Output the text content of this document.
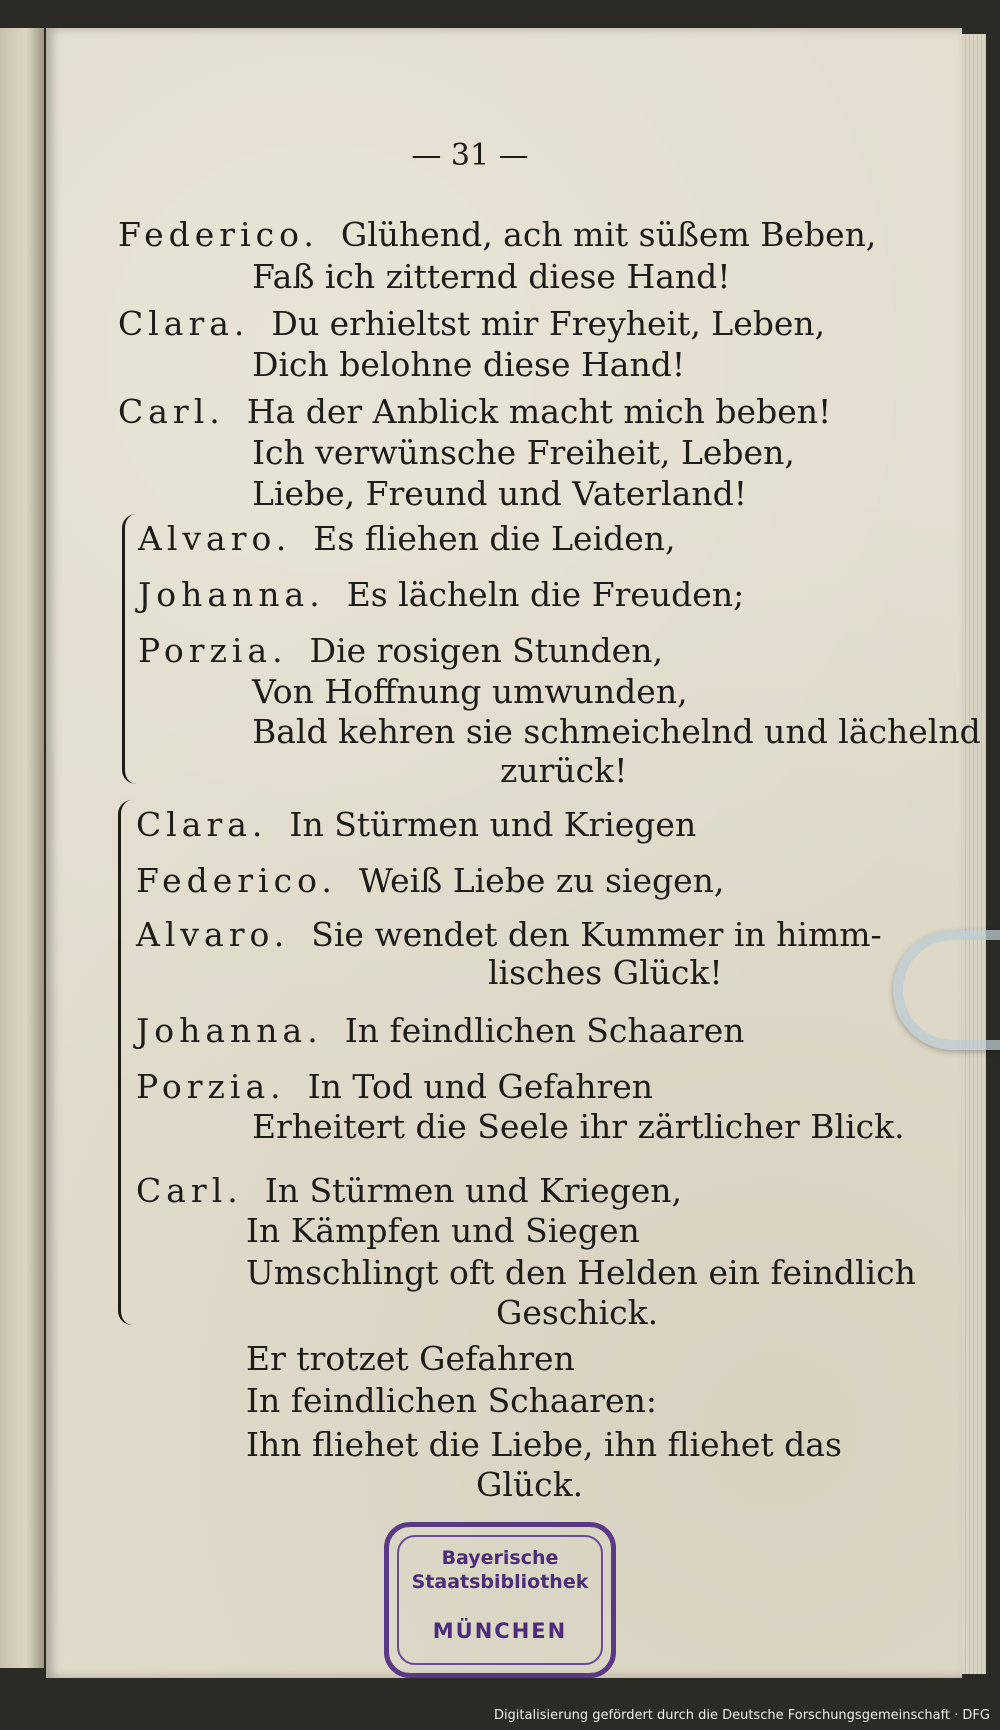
— 31 —
Federico. Glühend, ach mit süßem Beben,
Faß ich zitternd diese Hand!
Clara. Du erhieltst mir Freyheit, Leben,
Dich belohne diese Hand!
Carl. Ha der Anblick macht mich beben!
Ich verwünsche Freiheit, Leben,
Liebe, Freund und Vaterland!
Alvaro. Es fliehen die Leiden,
Johanna. Es lächeln die Freuden;
Porzia. Die rosigen Stunden,
Von Hoffnung umwunden,
Bald kehren sie schmeichelnd und lächelnd
zurück!
Clara. In Stürmen und Kriegen
Federico. Weiß Liebe zu siegen,
Alvaro. Sie wendet den Kummer in himm-
lisches Glück!
Johanna. In feindlichen Schaaren
Porzia. In Tod und Gefahren
Erheitert die Seele ihr zärtlicher Blick.
Carl. In Stürmen und Kriegen,
In Kämpfen und Siegen
Umschlingt oft den Helden ein feindlich
Geschick.
Er trotzet Gefahren
In feindlichen Schaaren:
Ihn fliehet die Liebe, ihn fliehet das
Glück.
Bayerische
Staatsbibliothek
MÜNCHEN
Digitalisierung gefördert durch die Deutsche Forschungsgemeinschaft · DFG
